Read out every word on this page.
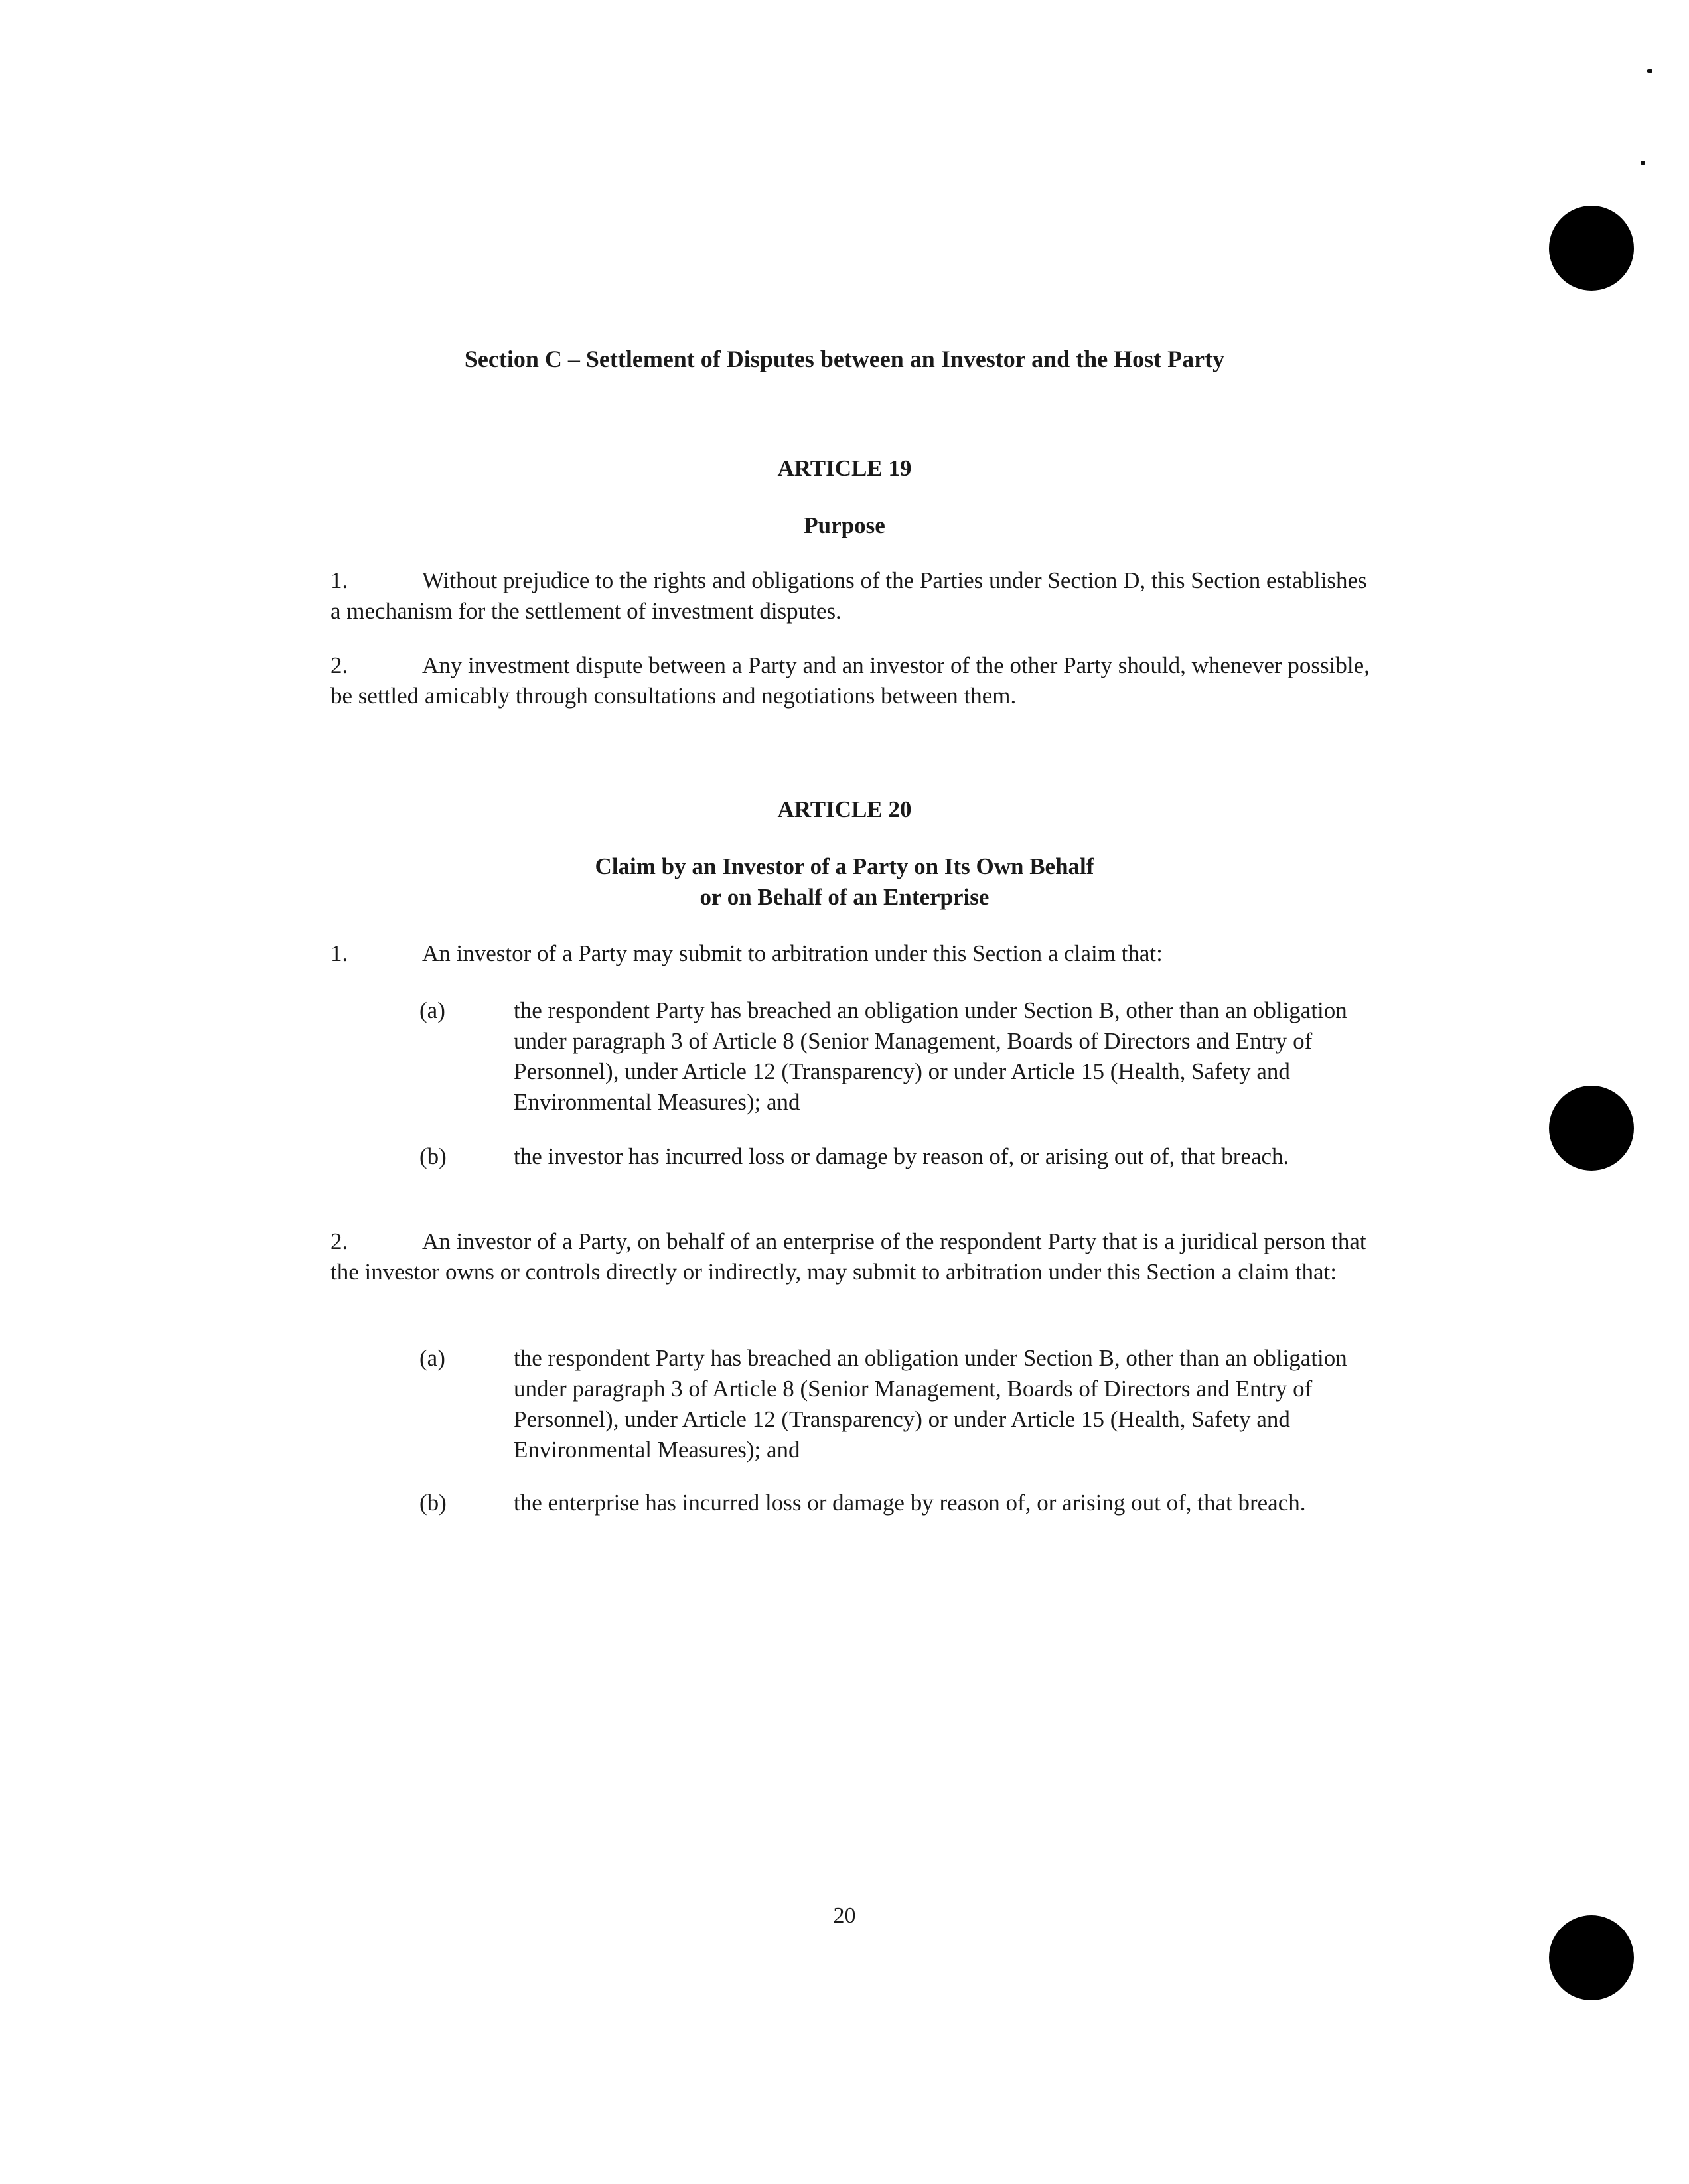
Section C – Settlement of Disputes between an Investor and the Host Party
ARTICLE 19
Purpose
1.	Without prejudice to the rights and obligations of the Parties under Section D, this Section establishes a mechanism for the settlement of investment disputes.
2.	Any investment dispute between a Party and an investor of the other Party should, whenever possible, be settled amicably through consultations and negotiations between them.
ARTICLE 20
Claim by an Investor of a Party on Its Own Behalf
or on Behalf of an Enterprise
1.	An investor of a Party may submit to arbitration under this Section a claim that:
(a)	the respondent Party has breached an obligation under Section B, other than an obligation under paragraph 3 of Article 8 (Senior Management, Boards of Directors and Entry of Personnel), under Article 12 (Transparency) or under Article 15 (Health, Safety and Environmental Measures); and
(b)	the investor has incurred loss or damage by reason of, or arising out of, that breach.
2.	An investor of a Party, on behalf of an enterprise of the respondent Party that is a juridical person that the investor owns or controls directly or indirectly, may submit to arbitration under this Section a claim that:
(a)	the respondent Party has breached an obligation under Section B, other than an obligation under paragraph 3 of Article 8 (Senior Management, Boards of Directors and Entry of Personnel), under Article 12 (Transparency) or under Article 15 (Health, Safety and Environmental Measures); and
(b)	the enterprise has incurred loss or damage by reason of, or arising out of, that breach.
20
